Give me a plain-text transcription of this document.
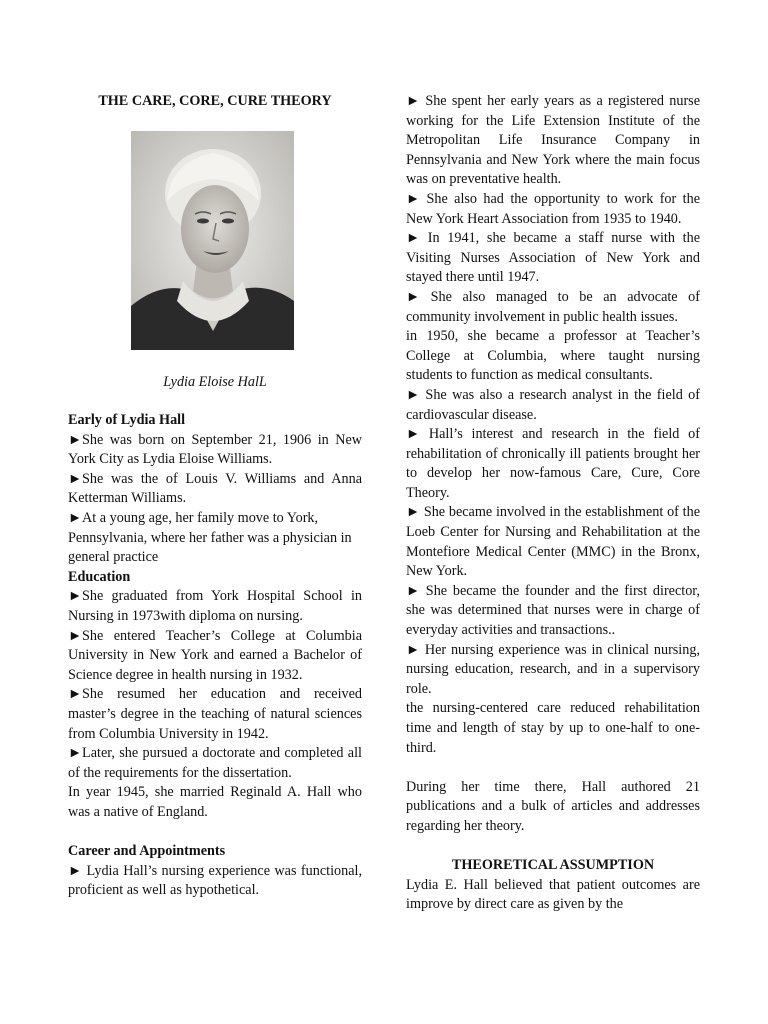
THE CARE, CORE, CURE THEORY
Lydia Eloise HalL

Early of Lydia Hall

►She was born on September 21, 1906 in New York City as Lydia Eloise Williams.

►She was the of Louis V. Williams and Anna Ketterman Williams.

►At a young age, her family move to York, Pennsylvania, where her father was a physician in general practice

Education

►She graduated from York Hospital School in Nursing in 1973with diploma on nursing.

►She entered Teacher’s College at Columbia University in New York and earned a Bachelor of Science degree in health nursing in 1932.

►She resumed her education and received master’s degree in the teaching of natural sciences from Columbia University in 1942.

►Later, she pursued a doctorate and completed all of the requirements for the dissertation.

In year 1945, she married Reginald A. Hall who was a native of England.

Career and Appointments

► Lydia Hall’s nursing experience was functional, proficient as well as hypothetical.

► She spent her early years as a registered nurse working for the Life Extension Institute of the Metropolitan Life Insurance Company in Pennsylvania and New York where the main focus was on preventative health.

► She also had the opportunity to work for the New York Heart Association from 1935 to 1940.

► In 1941, she became a staff nurse with the Visiting Nurses Association of New York and stayed there until 1947.

► She also managed to be an advocate of community involvement in public health issues.

in 1950, she became a professor at Teacher’s College at Columbia, where taught nursing students to function as medical consultants.

► She was also a research analyst in the field of cardiovascular disease.

► Hall’s interest and research in the field of rehabilitation of chronically ill patients brought her to develop her now-famous Care, Cure, Core Theory.

► She became involved in the establishment of the Loeb Center for Nursing and Rehabilitation at the Montefiore Medical Center (MMC) in the Bronx, New York.

► She became the founder and the first director, she was determined that nurses were in charge of everyday activities and transactions..

► Her nursing experience was in clinical nursing, nursing education, research, and in a supervisory role.

the nursing-centered care reduced rehabilitation time and length of stay by up to one-half to one-third.

During her time there, Hall authored 21 publications and a bulk of articles and addresses regarding her theory.

THEORETICAL ASSUMPTION

Lydia E. Hall believed that patient outcomes are improve by direct care as given by the
